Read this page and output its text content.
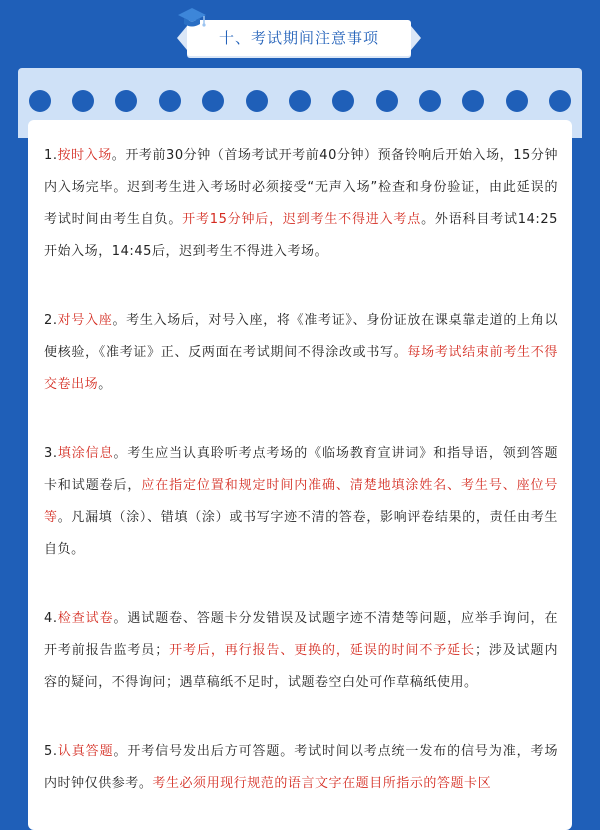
十、考试期间注意事项

1.按时入场。开考前30分钟（首场考试开考前40分钟）预备铃响后开始入场，15分钟内入场完毕。迟到考生进入考场时必须接受“无声入场”检查和身份验证，由此延误的考试时间由考生自负。开考15分钟后，迟到考生不得进入考点。外语科目考试14:25开始入场，14:45后，迟到考生不得进入考场。

2.对号入座。考生入场后，对号入座，将《准考证》、身份证放在课桌靠走道的上角以便核验，《准考证》正、反两面在考试期间不得涂改或书写。每场考试结束前考生不得交卷出场。

3.填涂信息。考生应当认真聆听考点考场的《临场教育宣讲词》和指导语，领到答题卡和试题卷后，应在指定位置和规定时间内准确、清楚地填涂姓名、考生号、座位号等。凡漏填（涂）、错填（涂）或书写字迹不清的答卷，影响评卷结果的，责任由考生自负。

4.检查试卷。遇试题卷、答题卡分发错误及试题字迹不清楚等问题，应举手询问，在开考前报告监考员；开考后，再行报告、更换的，延误的时间不予延长；涉及试题内容的疑问，不得询问；遇草稿纸不足时，试题卷空白处可作草稿纸使用。

5.认真答题。开考信号发出后方可答题。考试时间以考点统一发布的信号为准，考场内时钟仅供参考。考生必须用现行规范的语言文字在题目所指示的答题卡区
